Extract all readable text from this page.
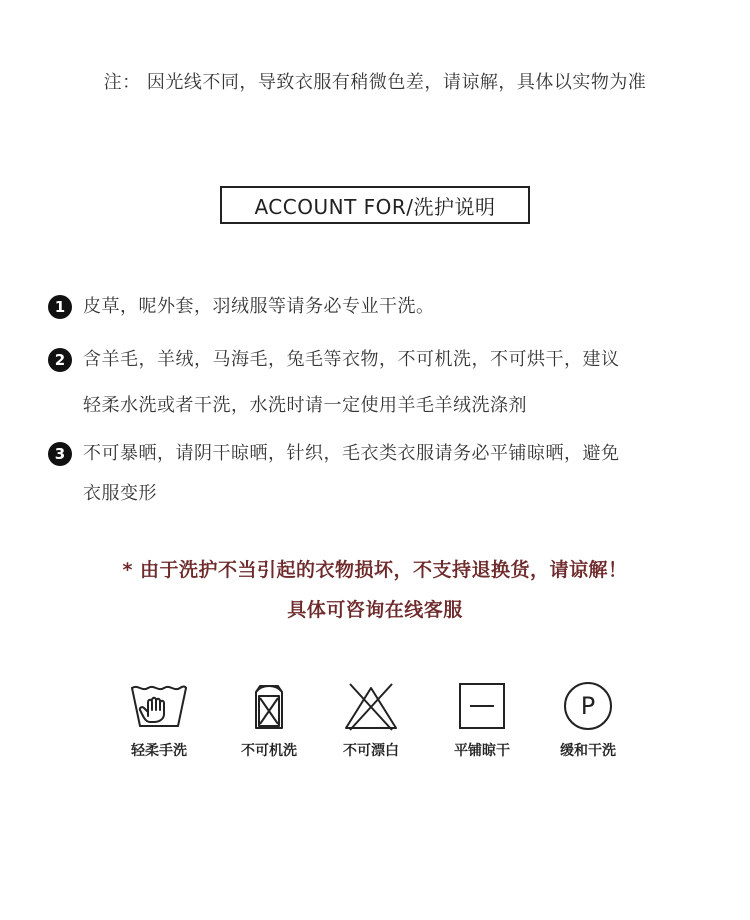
注： 因光线不同，导致衣服有稍微色差，请谅解，具体以实物为准
ACCOUNT FOR/洗护说明
1 皮草，呢外套，羽绒服等请务必专业干洗。
2 含羊毛，羊绒，马海毛，兔毛等衣物，不可机洗，不可烘干，建议
轻柔水洗或者干洗，水洗时请一定使用羊毛羊绒洗涤剂
3 不可暴晒，请阴干晾晒，针织，毛衣类衣服请务必平铺晾晒，避免
衣服变形
* 由于洗护不当引起的衣物损坏，不支持退换货，请谅解！
具体可咨询在线客服
轻柔手洗	不可机洗	不可漂白	平铺晾干
P
缓和干洗
